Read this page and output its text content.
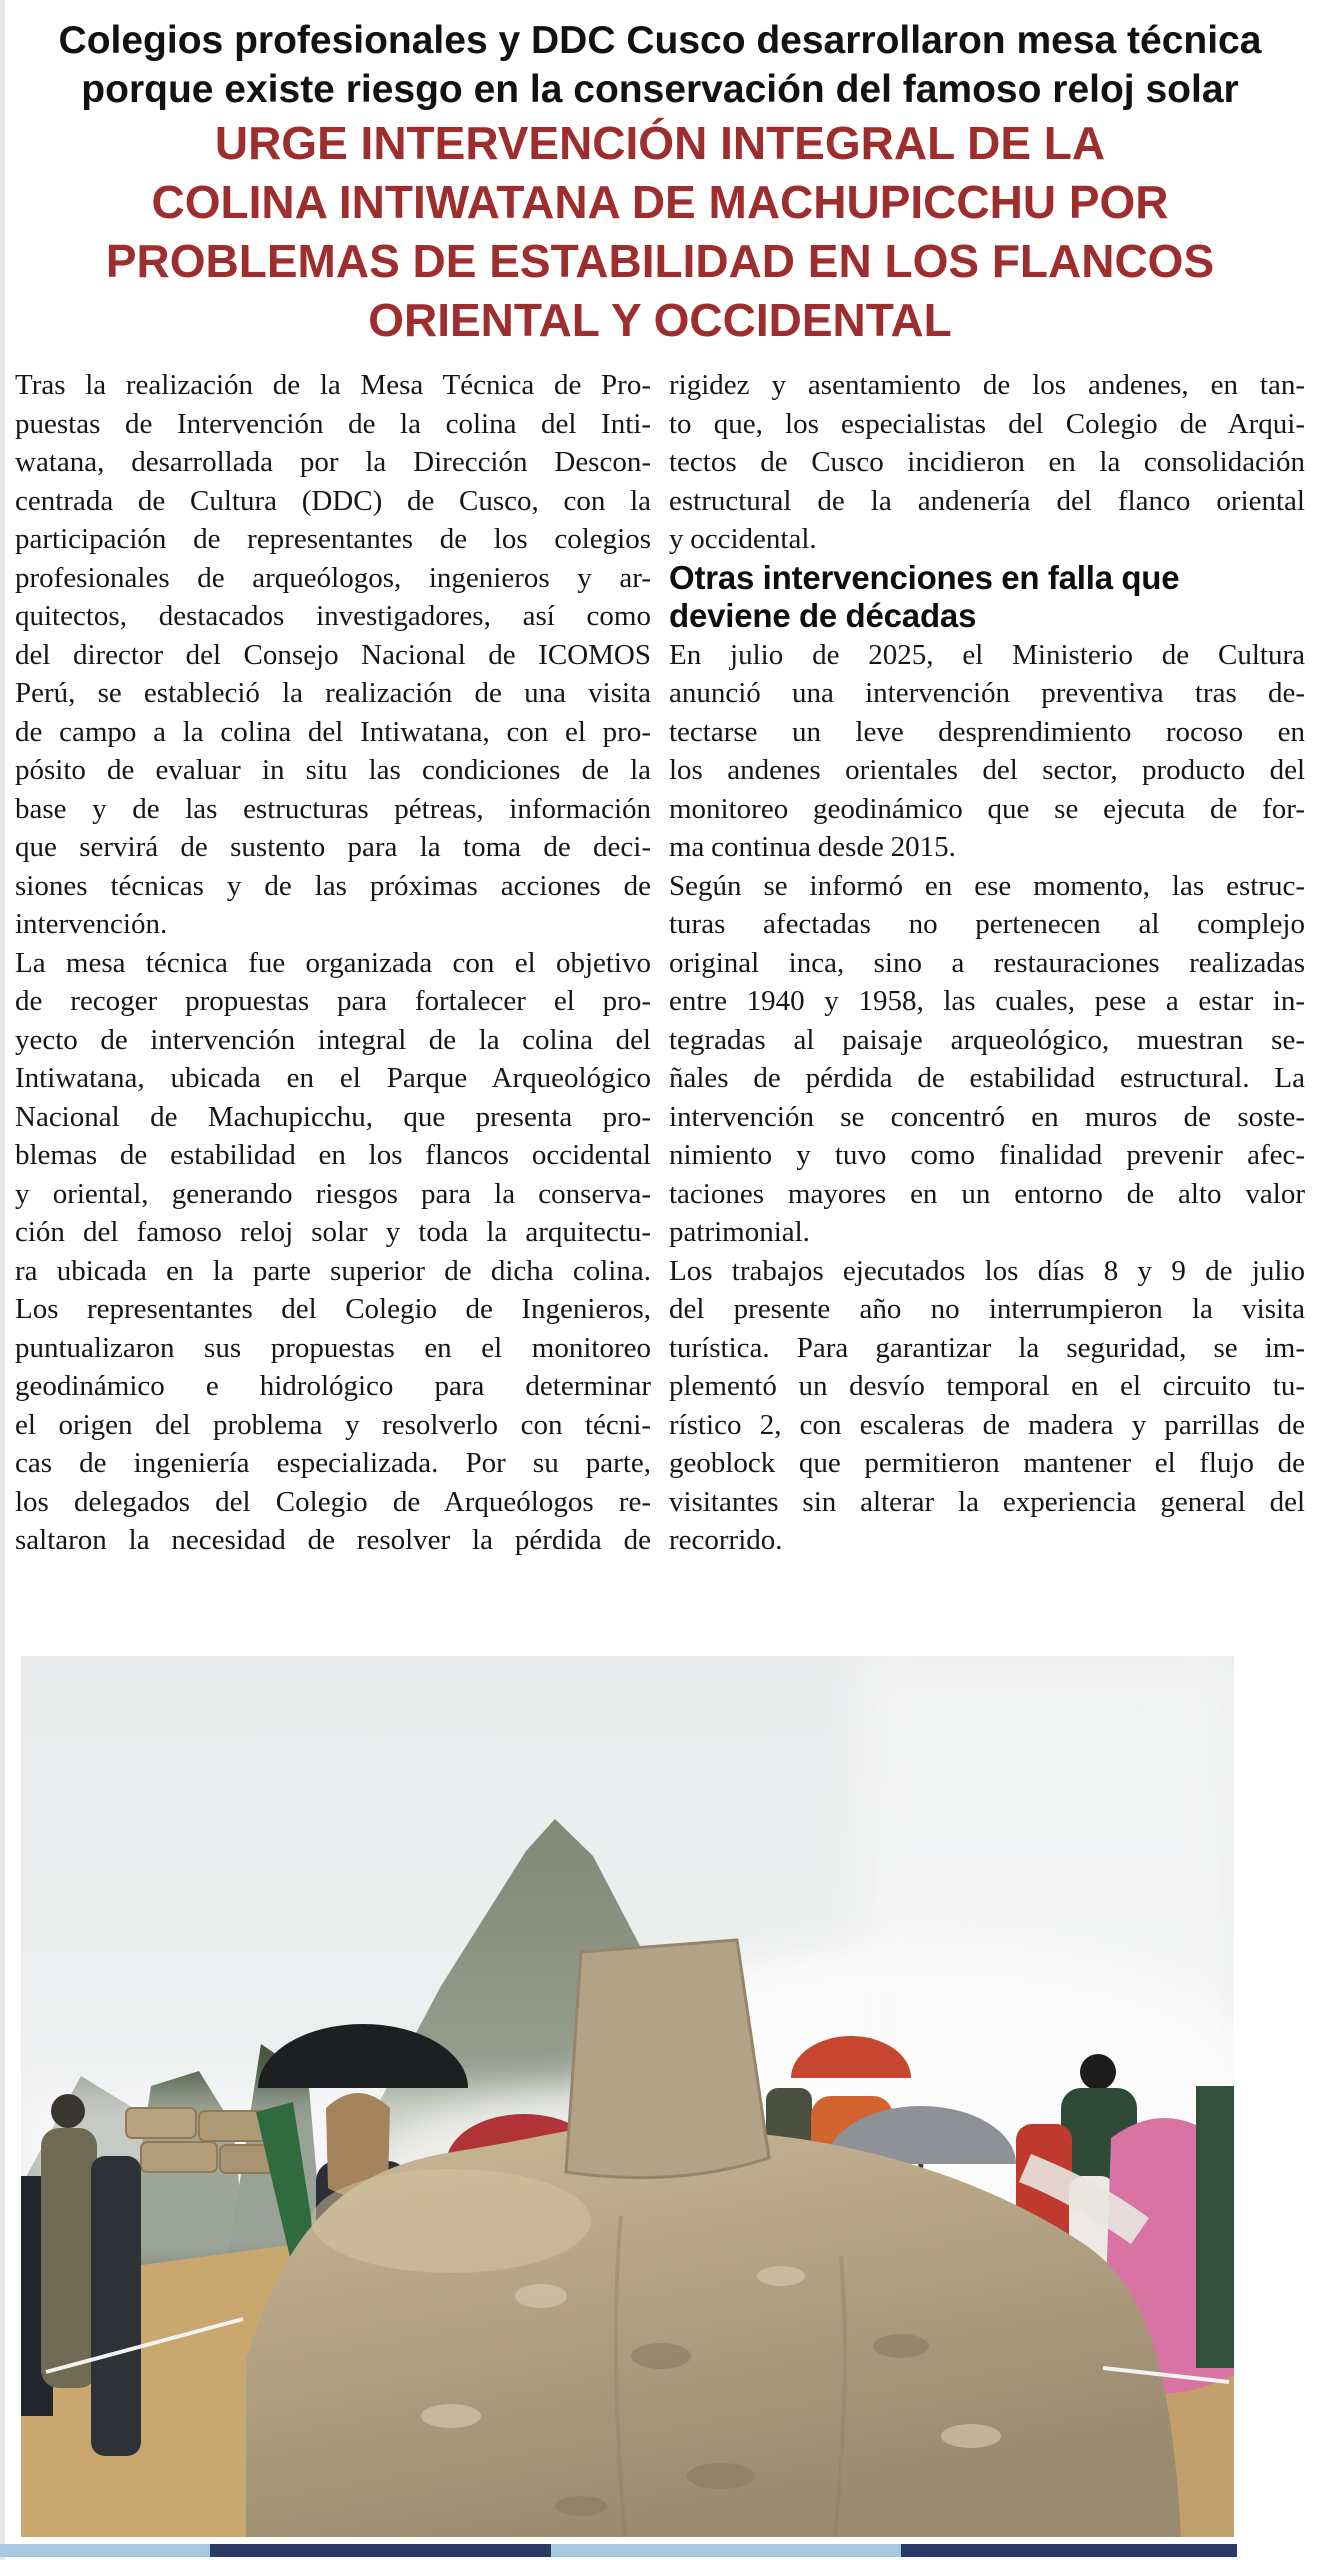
Colegios profesionales y DDC Cusco desarrollaron mesa técnica
porque existe riesgo en la conservación del famoso reloj solar
URGE INTERVENCIÓN INTEGRAL DE LA
COLINA INTIWATANA DE MACHUPICCHU POR
PROBLEMAS DE ESTABILIDAD EN LOS FLANCOS
ORIENTAL Y OCCIDENTAL
Tras la realización de la Mesa Técnica de Pro-
puestas de Intervención de la colina del Inti-
watana, desarrollada por la Dirección Descon-
centrada de Cultura (DDC) de Cusco, con la
participación de representantes de los colegios
profesionales de arqueólogos, ingenieros y ar-
quitectos, destacados investigadores, así como
del director del Consejo Nacional de ICOMOS
Perú, se estableció la realización de una visita
de campo a la colina del Intiwatana, con el pro-
pósito de evaluar in situ las condiciones de la
base y de las estructuras pétreas, información
que servirá de sustento para la toma de deci-
siones técnicas y de las próximas acciones de
intervención.
La mesa técnica fue organizada con el objetivo
de recoger propuestas para fortalecer el pro-
yecto de intervención integral de la colina del
Intiwatana, ubicada en el Parque Arqueológico
Nacional de Machupicchu, que presenta pro-
blemas de estabilidad en los flancos occidental
y oriental, generando riesgos para la conserva-
ción del famoso reloj solar y toda la arquitectu-
ra ubicada en la parte superior de dicha colina.
Los representantes del Colegio de Ingenieros,
puntualizaron sus propuestas en el monitoreo
geodinámico e hidrológico para determinar
el origen del problema y resolverlo con técni-
cas de ingeniería especializada. Por su parte,
los delegados del Colegio de Arqueólogos re-
saltaron la necesidad de resolver la pérdida de
rigidez y asentamiento de los andenes, en tan-
to que, los especialistas del Colegio de Arqui-
tectos de Cusco incidieron en la consolidación
estructural de la andenería del flanco oriental
y occidental.
Otras intervenciones en falla que
deviene de décadas
En julio de 2025, el Ministerio de Cultura
anunció una intervención preventiva tras de-
tectarse un leve desprendimiento rocoso en
los andenes orientales del sector, producto del
monitoreo geodinámico que se ejecuta de for-
ma continua desde 2015.
Según se informó en ese momento, las estruc-
turas afectadas no pertenecen al complejo
original inca, sino a restauraciones realizadas
entre 1940 y 1958, las cuales, pese a estar in-
tegradas al paisaje arqueológico, muestran se-
ñales de pérdida de estabilidad estructural. La
intervención se concentró en muros de soste-
nimiento y tuvo como finalidad prevenir afec-
taciones mayores en un entorno de alto valor
patrimonial.
Los trabajos ejecutados los días 8 y 9 de julio
del presente año no interrumpieron la visita
turística. Para garantizar la seguridad, se im-
plementó un desvío temporal en el circuito tu-
rístico 2, con escaleras de madera y parrillas de
geoblock que permitieron mantener el flujo de
visitantes sin alterar la experiencia general del
recorrido.
